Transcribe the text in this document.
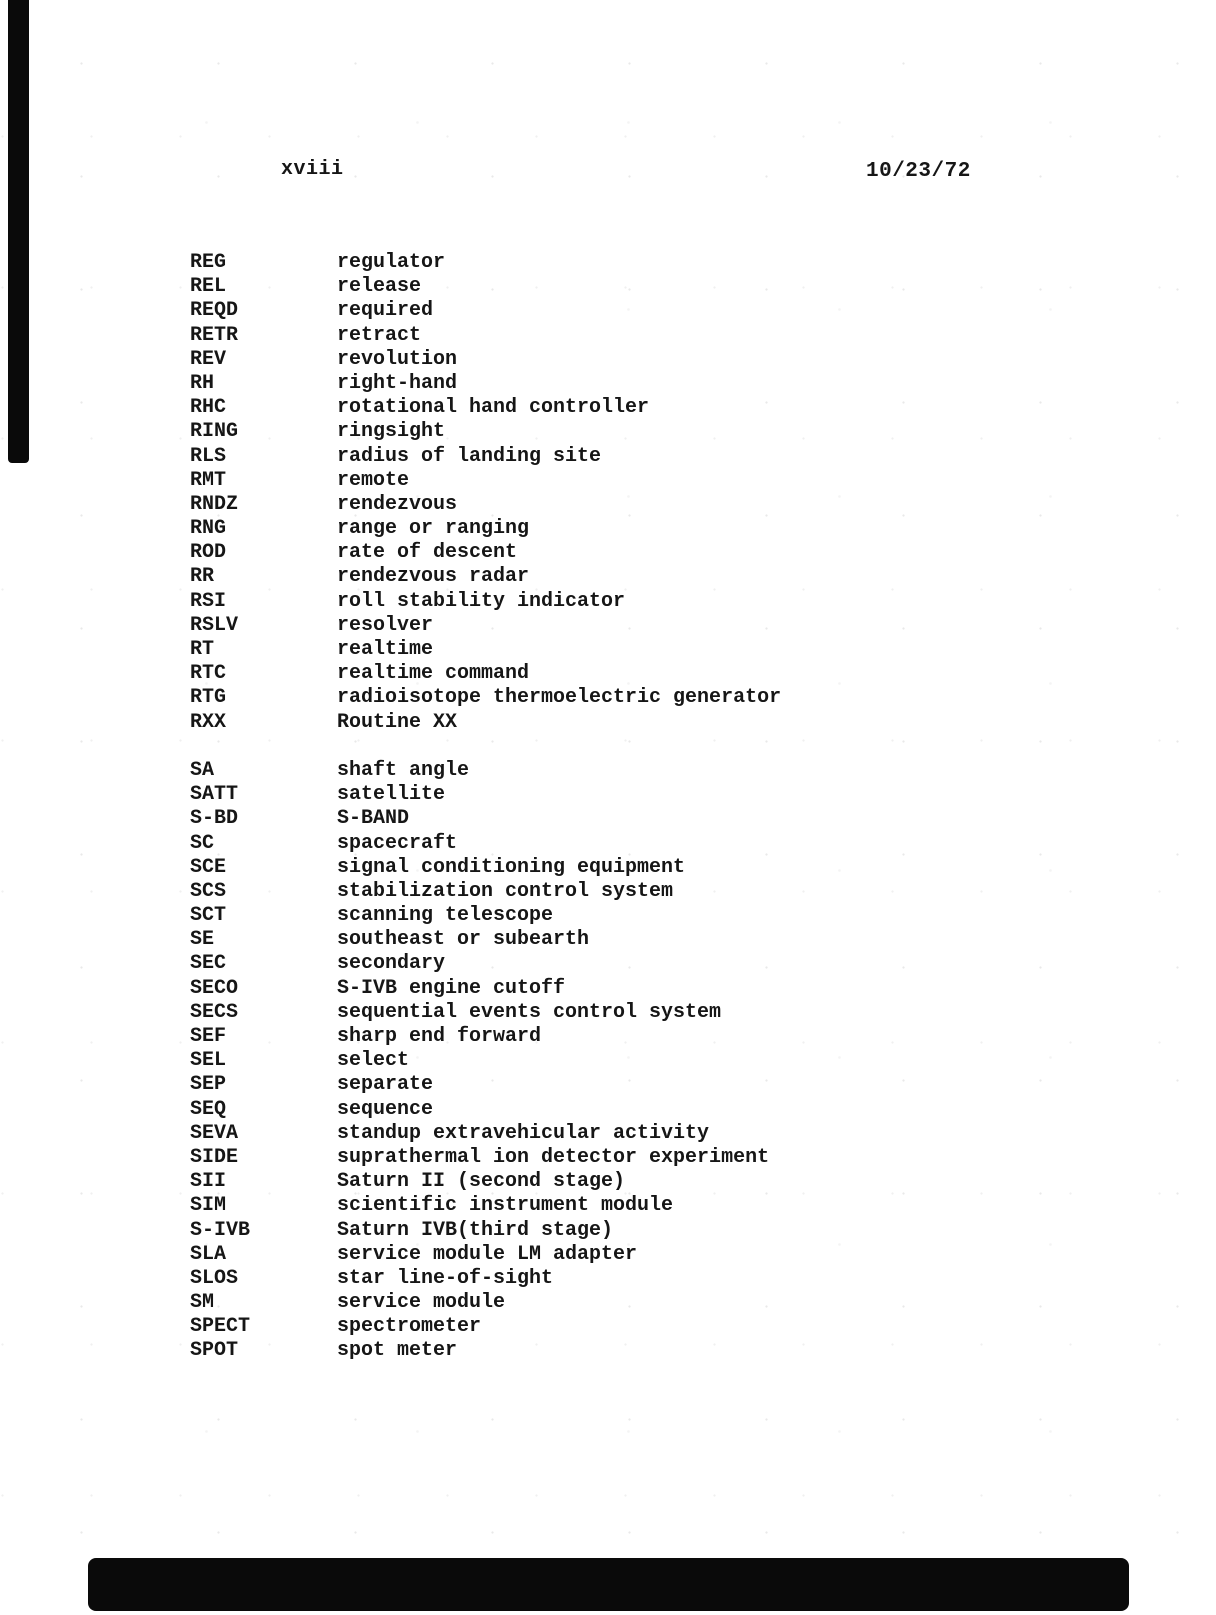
xviii	10/23/72
REG	regulator
REL	release
REQD	required
RETR	retract
REV	revolution
RH	right-hand
RHC	rotational hand controller
RING	ringsight
RLS	radius of landing site
RMT	remote
RNDZ	rendezvous
RNG	range or ranging
ROD	rate of descent
RR	rendezvous radar
RSI	roll stability indicator
RSLV	resolver
RT	realtime
RTC	realtime command
RTG	radioisotope thermoelectric generator
RXX	Routine XX
SA	shaft angle
SATT	satellite
S-BD	S-BAND
SC	spacecraft
SCE	signal conditioning equipment
SCS	stabilization control system
SCT	scanning telescope
SE	southeast or subearth
SEC	secondary
SECO	S-IVB engine cutoff
SECS	sequential events control system
SEF	sharp end forward
SEL	select
SEP	separate
SEQ	sequence
SEVA	standup extravehicular activity
SIDE	suprathermal ion detector experiment
SII	Saturn II (second stage)
SIM	scientific instrument module
S-IVB	Saturn IVB(third stage)
SLA	service module LM adapter
SLOS	star line-of-sight
SM	service module
SPECT	spectrometer
SPOT	spot meter
